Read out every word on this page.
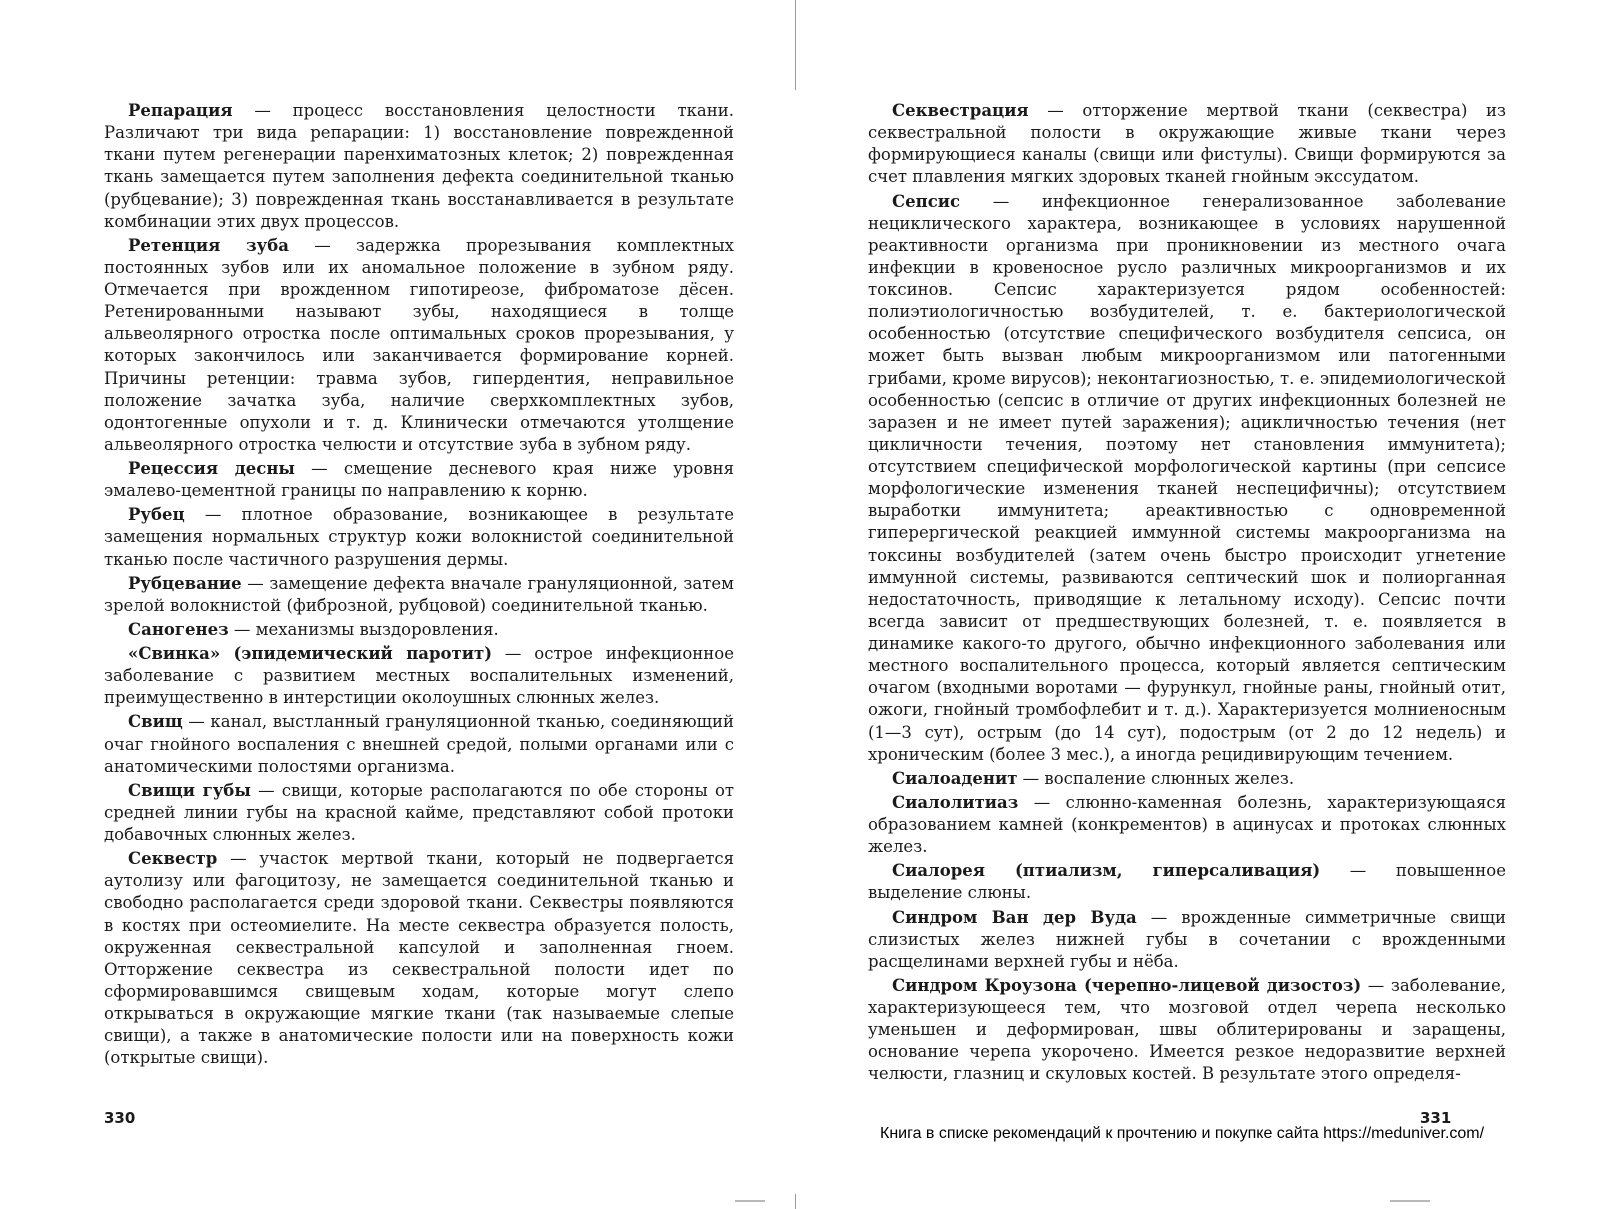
Репарация — процесс восстановления целостности ткани. Различают три вида репарации: 1) восстановление поврежденной ткани путем регенерации паренхиматозных клеток; 2) поврежденная ткань замещается путем заполнения дефекта соединительной тканью (рубцевание); 3) поврежденная ткань восстанавливается в результате комбинации этих двух процессов.

Ретенция зуба — задержка прорезывания комплектных постоянных зубов или их аномальное положение в зубном ряду. Отмечается при врожденном гипотиреозе, фиброматозе дёсен. Ретенированными называют зубы, находящиеся в толще альвеолярного отростка после оптимальных сроков прорезывания, у которых закончилось или заканчивается формирование корней. Причины ретенции: травма зубов, гипердентия, неправильное положение зачатка зуба, наличие сверхкомплектных зубов, одонтогенные опухоли и т. д. Клинически отмечаются утолщение альвеолярного отростка челюсти и отсутствие зуба в зубном ряду.

Рецессия десны — смещение десневого края ниже уровня эмалево-цементной границы по направлению к корню.

Рубец — плотное образование, возникающее в результате замещения нормальных структур кожи волокнистой соединительной тканью после частичного разрушения дермы.

Рубцевание — замещение дефекта вначале грануляционной, затем зрелой волокнистой (фиброзной, рубцовой) соединительной тканью.

Саногенез — механизмы выздоровления.

«Свинка» (эпидемический паротит) — острое инфекционное заболевание с развитием местных воспалительных изменений, преимущественно в интерстиции околоушных слюнных желез.

Свищ — канал, выстланный грануляционной тканью, соединяющий очаг гнойного воспаления с внешней средой, полыми органами или с анатомическими полостями организма.

Свищи губы — свищи, которые располагаются по обе стороны от средней линии губы на красной кайме, представляют собой протоки добавочных слюнных желез.

Секвестр — участок мертвой ткани, который не подвергается аутолизу или фагоцитозу, не замещается соединительной тканью и свободно располагается среди здоровой ткани. Секвестры появляются в костях при остеомиелите. На месте секвестра образуется полость, окруженная секвестральной капсулой и заполненная гноем. Отторжение секвестра из секвестральной полости идет по сформировавшимся свищевым ходам, которые могут слепо открываться в окружающие мягкие ткани (так называемые слепые свищи), а также в анатомические полости или на поверхность кожи (открытые свищи).

330

Секвестрация — отторжение мертвой ткани (секвестра) из секвестральной полости в окружающие живые ткани через формирующиеся каналы (свищи или фистулы). Свищи формируются за счет плавления мягких здоровых тканей гнойным экссудатом.

Сепсис — инфекционное генерализованное заболевание нециклического характера, возникающее в условиях нарушенной реактивности организма при проникновении из местного очага инфекции в кровеносное русло различных микроорганизмов и их токсинов. Сепсис характеризуется рядом особенностей: полиэтиологичностью возбудителей, т. е. бактериологической особенностью (отсутствие специфического возбудителя сепсиса, он может быть вызван любым микроорганизмом или патогенными грибами, кроме вирусов); неконтагиозностью, т. е. эпидемиологической особенностью (сепсис в отличие от других инфекционных болезней не заразен и не имеет путей заражения); ацикличностью течения (нет цикличности течения, поэтому нет становления иммунитета); отсутствием специфической морфологической картины (при сепсисе морфологические изменения тканей неспецифичны); отсутствием выработки иммунитета; ареактивностью с одновременной гиперергической реакцией иммунной системы макроорганизма на токсины возбудителей (затем очень быстро происходит угнетение иммунной системы, развиваются септический шок и полиорганная недостаточность, приводящие к летальному исходу). Сепсис почти всегда зависит от предшествующих болезней, т. е. появляется в динамике какого-то другого, обычно инфекционного заболевания или местного воспалительного процесса, который является септическим очагом (входными воротами — фурункул, гнойные раны, гнойный отит, ожоги, гнойный тромбофлебит и т. д.). Характеризуется молниеносным (1—3 сут), острым (до 14 сут), подострым (от 2 до 12 недель) и хроническим (более 3 мес.), а иногда рецидивирующим течением.

Сиалоаденит — воспаление слюнных желез.

Сиалолитиаз — слюнно-каменная болезнь, характеризующаяся образованием камней (конкрементов) в ацинусах и протоках слюнных желез.

Сиалорея (птиализм, гиперсаливация) — повышенное выделение слюны.

Синдром Ван дер Вуда — врожденные симметричные свищи слизистых желез нижней губы в сочетании с врожденными расщелинами верхней губы и нёба.

Синдром Кроузона (черепно-лицевой дизостоз) — заболевание, характеризующееся тем, что мозговой отдел черепа несколько уменьшен и деформирован, швы облитерированы и заращены, основание черепа укорочено. Имеется резкое недоразвитие верхней челюсти, глазниц и скуловых костей. В результате этого определя-

331
Книга в списке рекомендаций к прочтению и покупке сайта https://meduniver.com/
